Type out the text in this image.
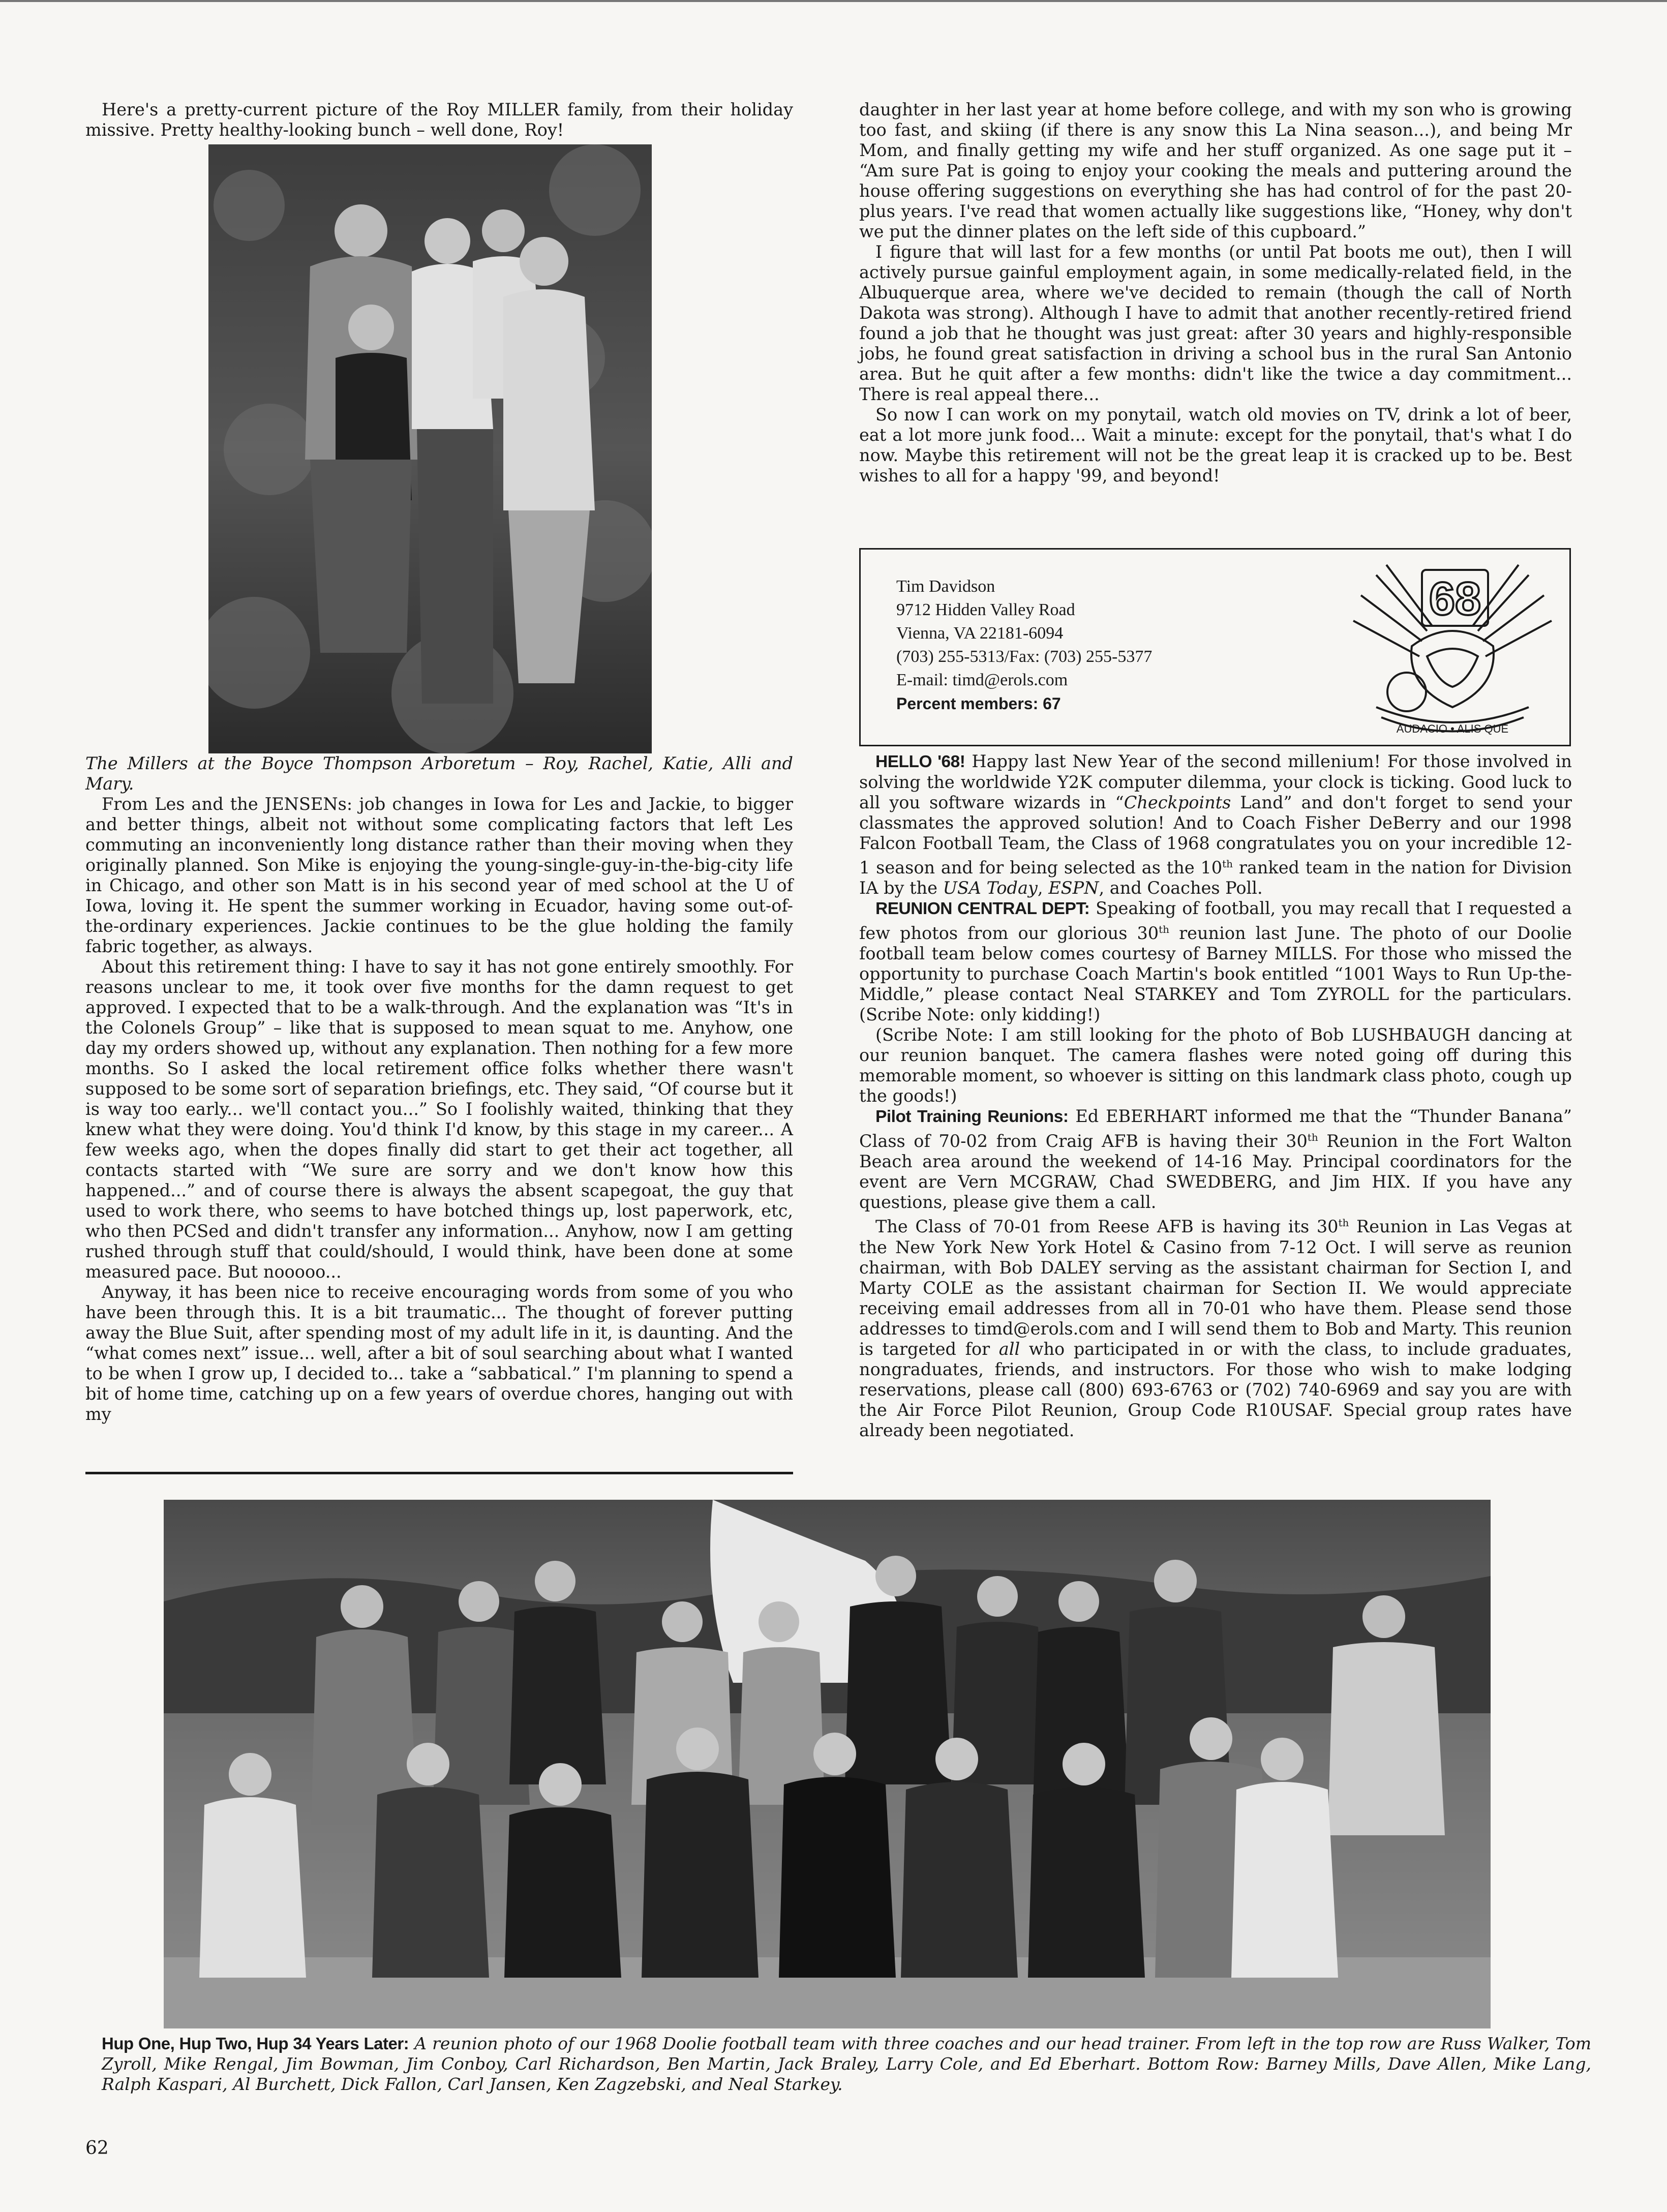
Here's a pretty-current picture of the Roy MILLER family, from their holiday missive. Pretty healthy-looking bunch – well done, Roy!

The Millers at the Boyce Thompson Arboretum – Roy, Rachel, Katie, Alli and Mary.

From Les and the JENSENs: job changes in Iowa for Les and Jackie, to bigger and better things, albeit not without some complicating factors that left Les commuting an inconveniently long distance rather than their moving when they originally planned. Son Mike is enjoying the young-single-guy-in-the-big-city life in Chicago, and other son Matt is in his second year of med school at the U of Iowa, loving it. He spent the summer working in Ecuador, having some out-of-the-ordinary experiences. Jackie continues to be the glue holding the family fabric together, as always.

About this retirement thing: I have to say it has not gone entirely smoothly. For reasons unclear to me, it took over five months for the damn request to get approved. I expected that to be a walk-through. And the explanation was “It's in the Colonels Group” – like that is supposed to mean squat to me. Anyhow, one day my orders showed up, without any explanation. Then nothing for a few more months. So I asked the local retirement office folks whether there wasn't supposed to be some sort of separation briefings, etc. They said, “Of course but it is way too early... we'll contact you...” So I foolishly waited, thinking that they knew what they were doing. You'd think I'd know, by this stage in my career... A few weeks ago, when the dopes finally did start to get their act together, all contacts started with “We sure are sorry and we don't know how this happened...” and of course there is always the absent scapegoat, the guy that used to work there, who seems to have botched things up, lost paperwork, etc, who then PCSed and didn't transfer any information... Anyhow, now I am getting rushed through stuff that could/should, I would think, have been done at some measured pace. But nooooo...

Anyway, it has been nice to receive encouraging words from some of you who have been through this. It is a bit traumatic... The thought of forever putting away the Blue Suit, after spending most of my adult life in it, is daunting. And the “what comes next” issue... well, after a bit of soul searching about what I wanted to be when I grow up, I decided to... take a “sabbatical.” I'm planning to spend a bit of home time, catching up on a few years of overdue chores, hanging out with my

daughter in her last year at home before college, and with my son who is growing too fast, and skiing (if there is any snow this La Nina season...), and being Mr Mom, and finally getting my wife and her stuff organized. As one sage put it – “Am sure Pat is going to enjoy your cooking the meals and puttering around the house offering suggestions on everything she has had control of for the past 20-plus years. I've read that women actually like suggestions like, “Honey, why don't we put the dinner plates on the left side of this cupboard.”

I figure that will last for a few months (or until Pat boots me out), then I will actively pursue gainful employment again, in some medically-related field, in the Albuquerque area, where we've decided to remain (though the call of North Dakota was strong). Although I have to admit that another recently-retired friend found a job that he thought was just great: after 30 years and highly-responsible jobs, he found great satisfaction in driving a school bus in the rural San Antonio area. But he quit after a few months: didn't like the twice a day commitment... There is real appeal there...

So now I can work on my ponytail, watch old movies on TV, drink a lot of beer, eat a lot more junk food... Wait a minute: except for the ponytail, that's what I do now. Maybe this retirement will not be the great leap it is cracked up to be. Best wishes to all for a happy '99, and beyond!

Tim Davidson
9712 Hidden Valley Road
Vienna, VA 22181-6094
(703) 255-5313/Fax: (703) 255-5377
E-mail: timd@erols.com
Percent members: 67
68
AUDACIO • ALIS QUE

HELLO '68! Happy last New Year of the second millenium! For those involved in solving the worldwide Y2K computer dilemma, your clock is ticking. Good luck to all you software wizards in “Checkpoints Land” and don't forget to send your classmates the approved solution! And to Coach Fisher DeBerry and our 1998 Falcon Football Team, the Class of 1968 congratulates you on your incredible 12-1 season and for being selected as the 10th ranked team in the nation for Division IA by the USA Today, ESPN, and Coaches Poll.

REUNION CENTRAL DEPT: Speaking of football, you may recall that I requested a few photos from our glorious 30th reunion last June. The photo of our Doolie football team below comes courtesy of Barney MILLS. For those who missed the opportunity to purchase Coach Martin's book entitled “1001 Ways to Run Up-the-Middle,” please contact Neal STARKEY and Tom ZYROLL for the particulars. (Scribe Note: only kidding!)

(Scribe Note: I am still looking for the photo of Bob LUSHBAUGH dancing at our reunion banquet. The camera flashes were noted going off during this memorable moment, so whoever is sitting on this landmark class photo, cough up the goods!)

Pilot Training Reunions: Ed EBERHART informed me that the “Thunder Banana” Class of 70-02 from Craig AFB is having their 30th Reunion in the Fort Walton Beach area around the weekend of 14-16 May. Principal coordinators for the event are Vern MCGRAW, Chad SWEDBERG, and Jim HIX. If you have any questions, please give them a call.

The Class of 70-01 from Reese AFB is having its 30th Reunion in Las Vegas at the New York New York Hotel & Casino from 7-12 Oct. I will serve as reunion chairman, with Bob DALEY serving as the assistant chairman for Section I, and Marty COLE as the assistant chairman for Section II. We would appreciate receiving email addresses from all in 70-01 who have them. Please send those addresses to timd@erols.com and I will send them to Bob and Marty. This reunion is targeted for all who participated in or with the class, to include graduates, nongraduates, friends, and instructors. For those who wish to make lodging reservations, please call (800) 693-6763 or (702) 740-6969 and say you are with the Air Force Pilot Reunion, Group Code R10USAF. Special group rates have already been negotiated.

Hup One, Hup Two, Hup 34 Years Later: A reunion photo of our 1968 Doolie football team with three coaches and our head trainer. From left in the top row are Russ Walker, Tom Zyroll, Mike Rengal, Jim Bowman, Jim Conboy, Carl Richardson, Ben Martin, Jack Braley, Larry Cole, and Ed Eberhart. Bottom Row: Barney Mills, Dave Allen, Mike Lang, Ralph Kaspari, Al Burchett, Dick Fallon, Carl Jansen, Ken Zagzebski, and Neal Starkey.
62
